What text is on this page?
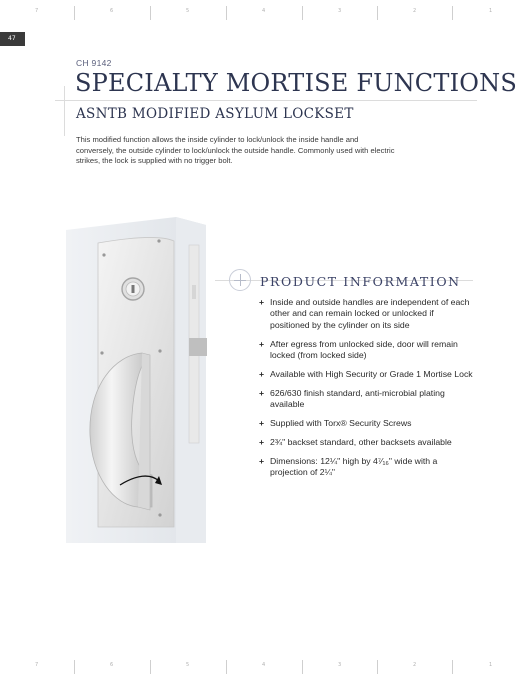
7	6	5	4	3	2	1
47
CH 9142
SPECIALTY MORTISE FUNCTIONS
ASNTB MODIFIED ASYLUM LOCKSET
This modified function allows the inside cylinder to lock/unlock the inside handle and conversely, the outside cylinder to lock/unlock the outside handle. Commonly used with electric strikes, the lock is supplied with no trigger bolt.
PRODUCT INFORMATION
+ Inside and outside handles are independent of each other and can remain locked or unlocked if positioned by the cylinder on its side
+ After egress from unlocked side, door will remain locked (from locked side)
+ Available with High Security or Grade 1 Mortise Lock
+ 626/630 finish standard, anti-microbial plating available
+ Supplied with Torx® Security Screws
+ 2¾" backset standard, other backsets available
+ Dimensions: 12¼" high by 4⁷⁄₁₆" wide with a projection of 2¼"
7	6	5	4	3	2	1
